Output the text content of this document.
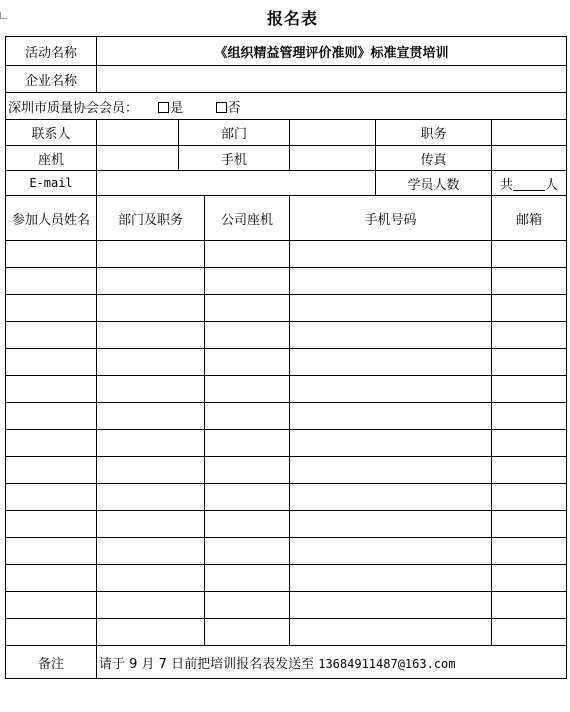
报名表
活动名称	《组织精益管理评价准则》标准宣贯培训					
企业名称						
深圳市质量协会会员： 是 否						
联系人		部门			职务	
座机		手机			传真	
E-mail					学员人数	共 人
参加人员姓名	部门及职务		公司座机	手机号码		邮箱

备注	请于 9 月 7 日前把培训报名表发送至 13684911487@163.com					
